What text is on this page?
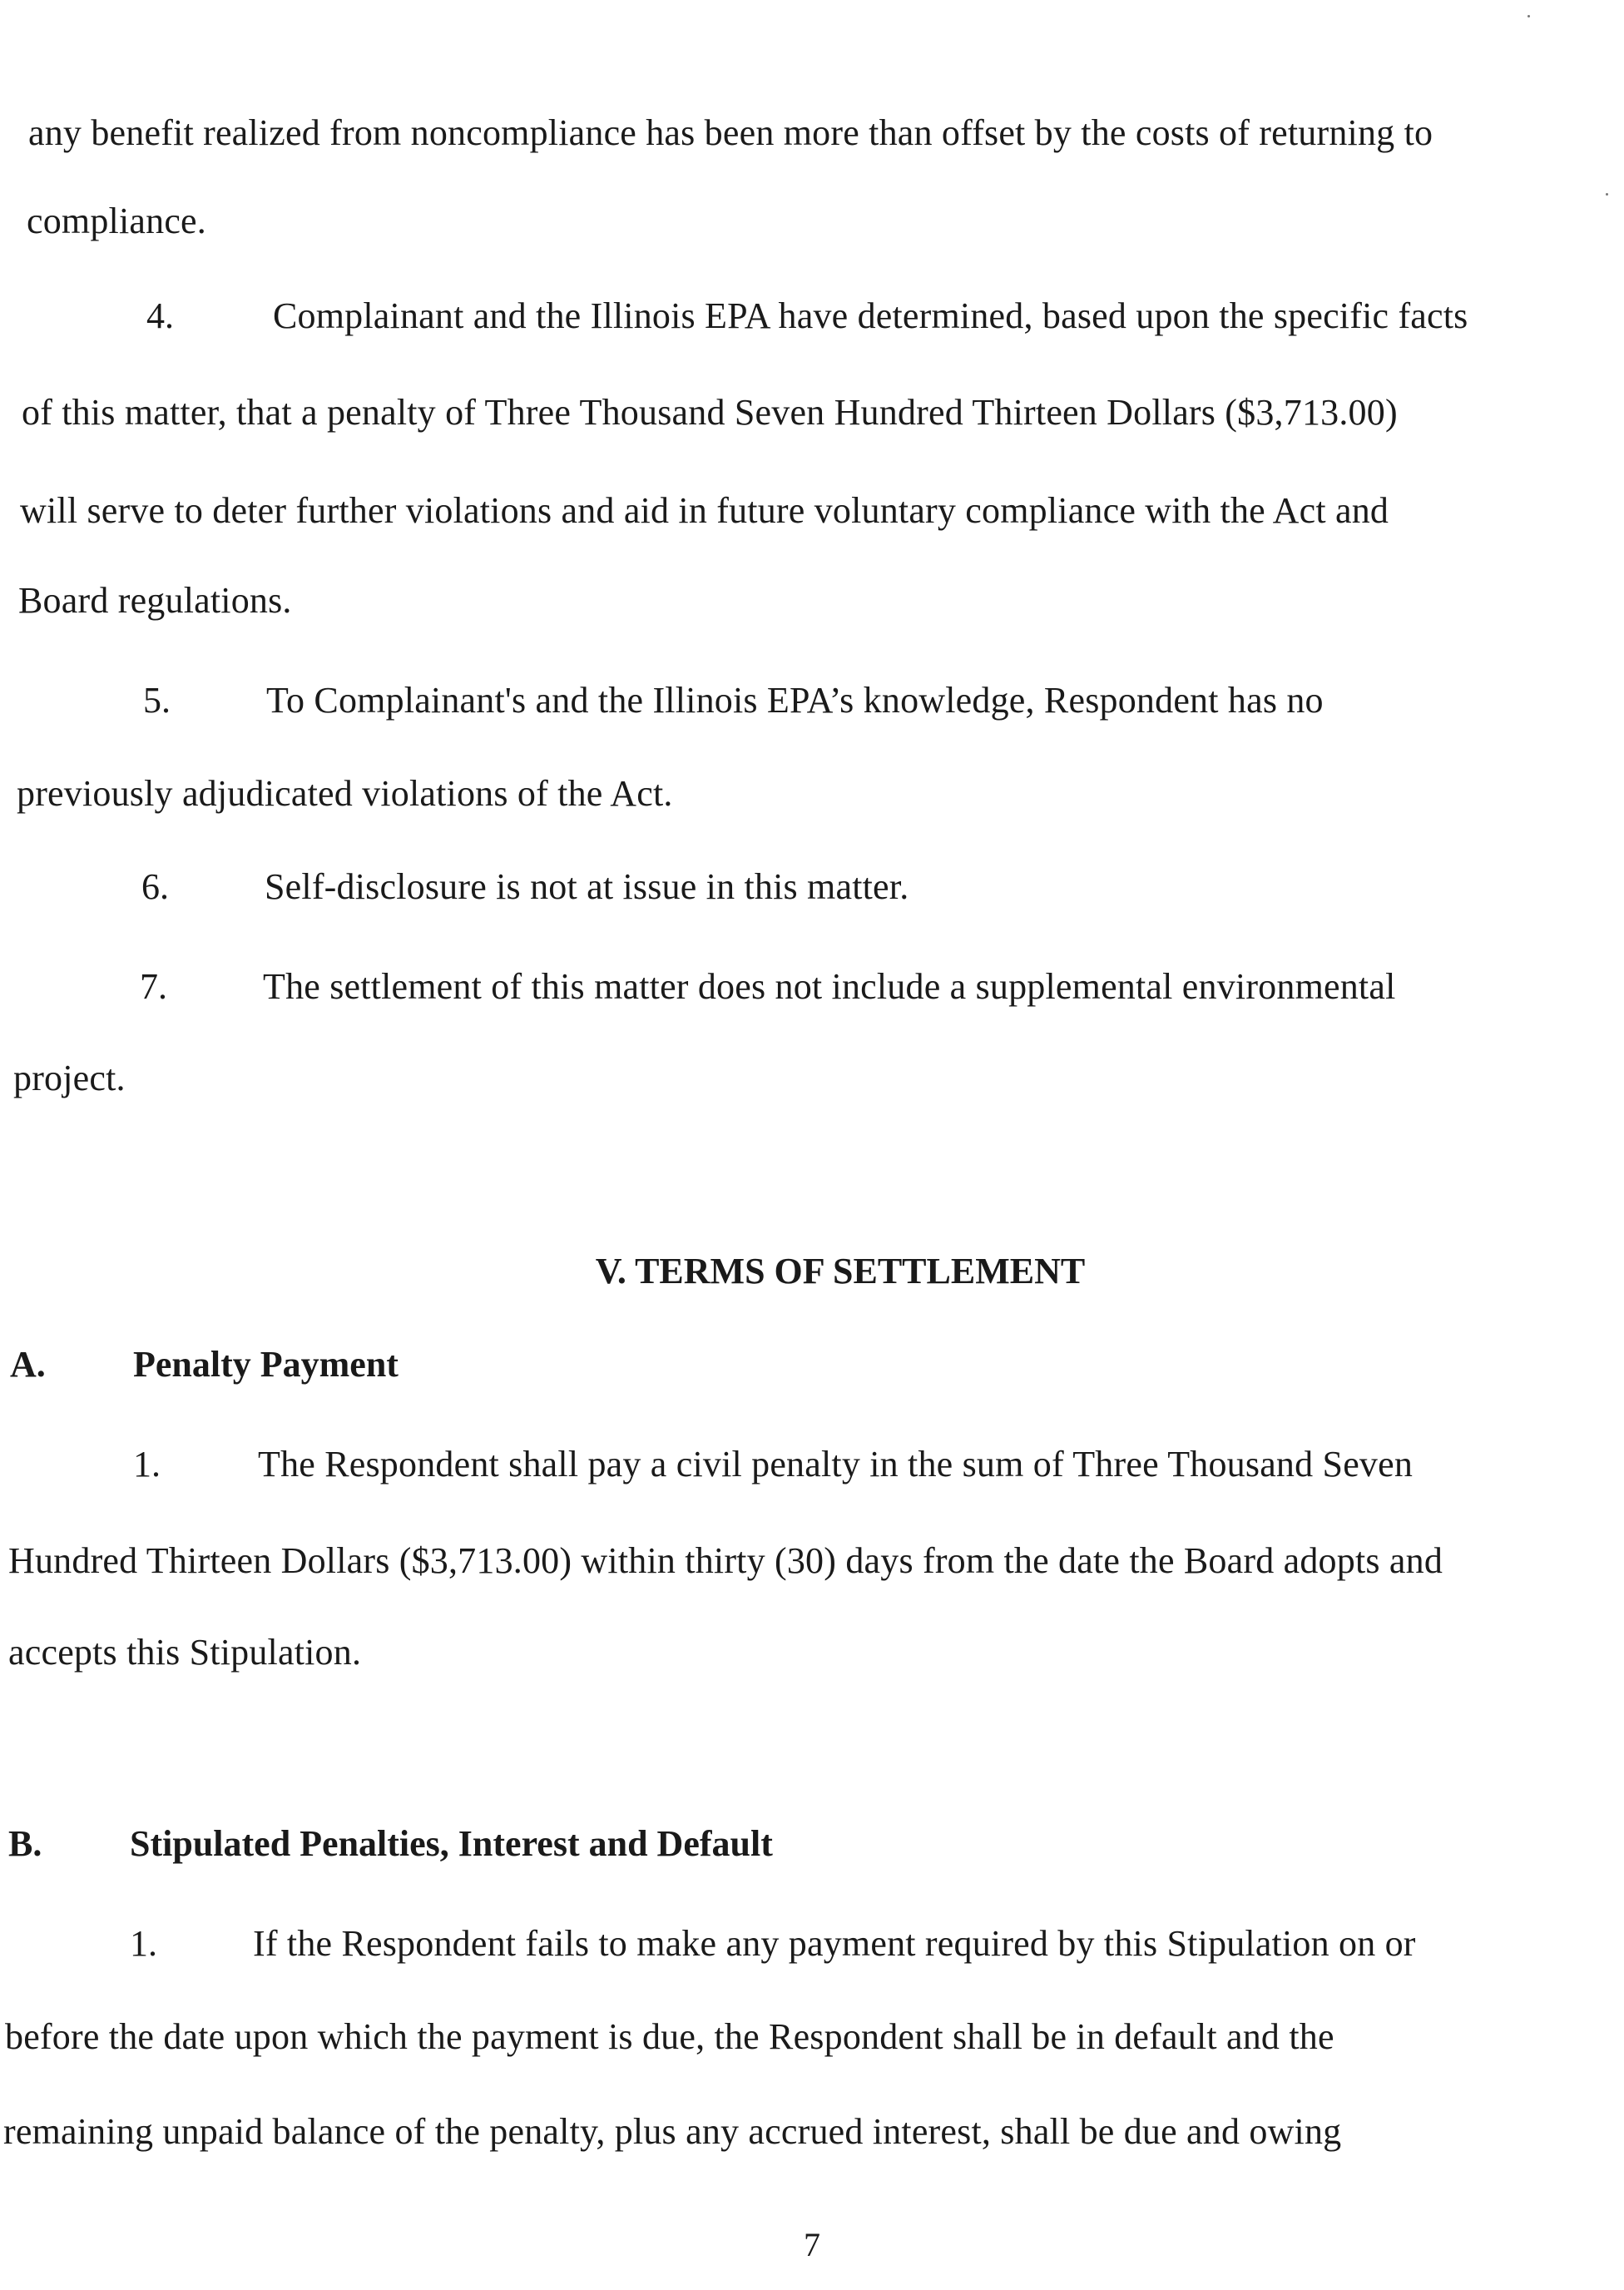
any benefit realized from noncompliance has been more than offset by the costs of returning to
compliance.
4.	Complainant and the Illinois EPA have determined, based upon the specific facts
of this matter, that a penalty of Three Thousand Seven Hundred Thirteen Dollars ($3,713.00)
will serve to deter further violations and aid in future voluntary compliance with the Act and
Board regulations.
5.	To Complainant's and the Illinois EPA’s knowledge, Respondent has no
previously adjudicated violations of the Act.
6.	Self-disclosure is not at issue in this matter.
7.	The settlement of this matter does not include a supplemental environmental
project.
V. TERMS OF SETTLEMENT
A. Penalty Payment
1.	The Respondent shall pay a civil penalty in the sum of Three Thousand Seven
Hundred Thirteen Dollars ($3,713.00) within thirty (30) days from the date the Board adopts and
accepts this Stipulation.
B. Stipulated Penalties, Interest and Default
1.	If the Respondent fails to make any payment required by this Stipulation on or
before the date upon which the payment is due, the Respondent shall be in default and the
remaining unpaid balance of the penalty, plus any accrued interest, shall be due and owing
7
